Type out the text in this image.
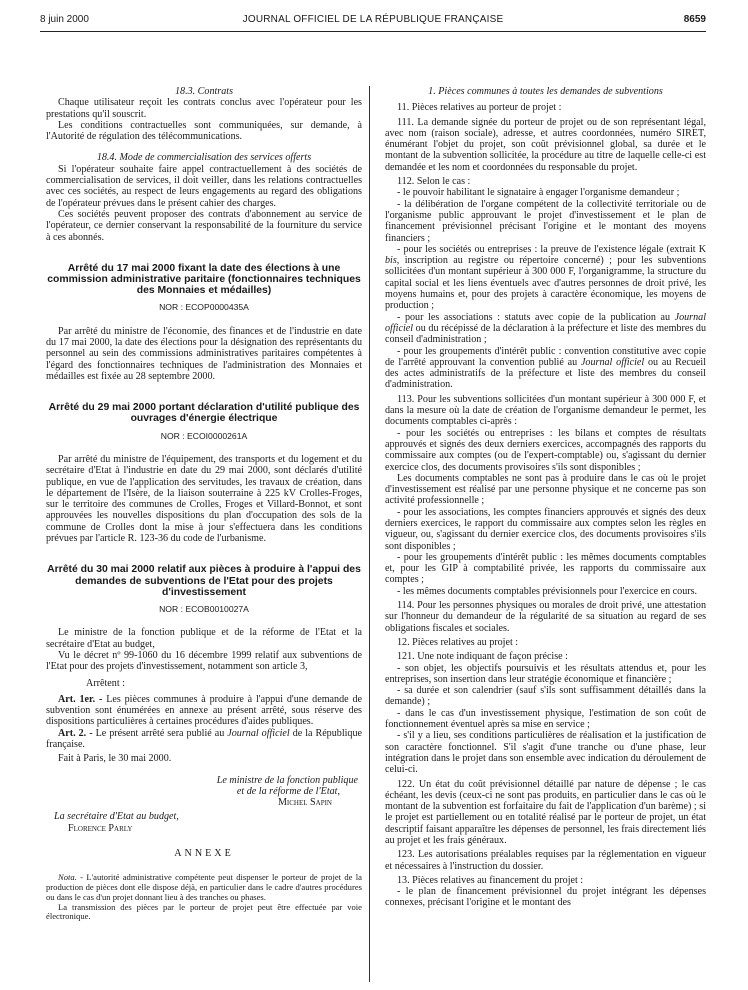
8 juin 2000	JOURNAL OFFICIEL DE LA RÉPUBLIQUE FRANÇAISE	8659

18.3. Contrats

Chaque utilisateur reçoit les contrats conclus avec l'opérateur pour les prestations qu'il souscrit.

Les conditions contractuelles sont communiquées, sur demande, à l'Autorité de régulation des télécommunications.

18.4. Mode de commercialisation des services offerts

Si l'opérateur souhaite faire appel contractuellement à des sociétés de commercialisation de services, il doit veiller, dans les relations contractuelles avec ces sociétés, au respect de leurs engagements au regard des obligations de l'opérateur prévues dans le présent cahier des charges.

Ces sociétés peuvent proposer des contrats d'abonnement au service de l'opérateur, ce dernier conservant la responsabilité de la fourniture du service à ces abonnés.

Arrêté du 17 mai 2000 fixant la date des élections à une commission administrative paritaire (fonctionnaires techniques des Monnaies et médailles)

NOR : ECOP0000435A

Par arrêté du ministre de l'économie, des finances et de l'industrie en date du 17 mai 2000, la date des élections pour la désignation des représentants du personnel au sein des commissions administratives paritaires compétentes à l'égard des fonctionnaires techniques de l'administration des Monnaies et médailles est fixée au 28 septembre 2000.

Arrêté du 29 mai 2000 portant déclaration d'utilité publique des ouvrages d'énergie électrique

NOR : ECOI0000261A

Par arrêté du ministre de l'équipement, des transports et du logement et du secrétaire d'Etat à l'industrie en date du 29 mai 2000, sont déclarés d'utilité publique, en vue de l'application des servitudes, les travaux de création, dans le département de l'Isère, de la liaison souterraine à 225 kV Crolles-Froges, sur le territoire des communes de Crolles, Froges et Villard-Bonnot, et sont approuvées les nouvelles dispositions du plan d'occupation des sols de la commune de Crolles dont la mise à jour s'effectuera dans les conditions prévues par l'article R. 123-36 du code de l'urbanisme.

Arrêté du 30 mai 2000 relatif aux pièces à produire à l'appui des demandes de subventions de l'Etat pour des projets d'investissement

NOR : ECOB0010027A

Le ministre de la fonction publique et de la réforme de l'Etat et la secrétaire d'Etat au budget,

Vu le décret nº 99-1060 du 16 décembre 1999 relatif aux subventions de l'Etat pour des projets d'investissement, notamment son article 3,

Arrêtent :

Art. 1er. - Les pièces communes à produire à l'appui d'une demande de subvention sont énumérées en annexe au présent arrêté, sous réserve des dispositions particulières à certaines procédures d'aides publiques.

Art. 2. - Le présent arrêté sera publié au Journal officiel de la République française.

Fait à Paris, le 30 mai 2000.

Le ministre de la fonction publique

et de la réforme de l'Etat,

Michel Sapin

La secrétaire d'Etat au budget,

Florence Parly

ANNEXE

Nota. - L'autorité administrative compétente peut dispenser le porteur de projet de la production de pièces dont elle dispose déjà, en particulier dans le cadre d'autres procédures ou dans le cas d'un projet donnant lieu à des tranches ou phases.

La transmission des pièces par le porteur de projet peut être effectuée par voie électronique.

1. Pièces communes à toutes les demandes de subventions

11. Pièces relatives au porteur de projet :

111. La demande signée du porteur de projet ou de son représentant légal, avec nom (raison sociale), adresse, et autres coordonnées, numéro SIRET, énumérant l'objet du projet, son coût prévisionnel global, sa durée et le montant de la subvention sollicitée, la procédure au titre de laquelle celle-ci est demandée et les nom et coordonnées du responsable du projet.

112. Selon le cas :

- le pouvoir habilitant le signataire à engager l'organisme demandeur ;

- la délibération de l'organe compétent de la collectivité territoriale ou de l'organisme public approuvant le projet d'investissement et le plan de financement prévisionnel précisant l'origine et le montant des moyens financiers ;

- pour les sociétés ou entreprises : la preuve de l'existence légale (extrait K bis, inscription au registre ou répertoire concerné) ; pour les subventions sollicitées d'un montant supérieur à 300 000 F, l'organigramme, la structure du capital social et les liens éventuels avec d'autres personnes de droit privé, les moyens humains et, pour des projets à caractère économique, les moyens de production ;

- pour les associations : statuts avec copie de la publication au Journal officiel ou du récépissé de la déclaration à la préfecture et liste des membres du conseil d'administration ;

- pour les groupements d'intérêt public : convention constitutive avec copie de l'arrêté approuvant la convention publié au Journal officiel ou au Recueil des actes administratifs de la préfecture et liste des membres du conseil d'administration.

113. Pour les subventions sollicitées d'un montant supérieur à 300 000 F, et dans la mesure où la date de création de l'organisme demandeur le permet, les documents comptables ci-après :

- pour les sociétés ou entreprises : les bilans et comptes de résultats approuvés et signés des deux derniers exercices, accompagnés des rapports du commissaire aux comptes (ou de l'expert-comptable) ou, s'agissant du dernier exercice clos, des documents provisoires s'ils sont disponibles ;

Les documents comptables ne sont pas à produire dans le cas où le projet d'investissement est réalisé par une personne physique et ne concerne pas son activité professionnelle ;

- pour les associations, les comptes financiers approuvés et signés des deux derniers exercices, le rapport du commissaire aux comptes selon les règles en vigueur, ou, s'agissant du dernier exercice clos, des documents provisoires s'ils sont disponibles ;

- pour les groupements d'intérêt public : les mêmes documents comptables et, pour les GIP à comptabilité privée, les rapports du commissaire aux comptes ;

- les mêmes documents comptables prévisionnels pour l'exercice en cours.

114. Pour les personnes physiques ou morales de droit privé, une attestation sur l'honneur du demandeur de la régularité de sa situation au regard de ses obligations fiscales et sociales.

12. Pièces relatives au projet :

121. Une note indiquant de façon précise :

- son objet, les objectifs poursuivis et les résultats attendus et, pour les entreprises, son insertion dans leur stratégie économique et financière ;

- sa durée et son calendrier (sauf s'ils sont suffisamment détaillés dans la demande) ;

- dans le cas d'un investissement physique, l'estimation de son coût de fonctionnement éventuel après sa mise en service ;

- s'il y a lieu, ses conditions particulières de réalisation et la justification de son caractère fonctionnel. S'il s'agit d'une tranche ou d'une phase, leur intégration dans le projet dans son ensemble avec indication du déroulement de celui-ci.

122. Un état du coût prévisionnel détaillé par nature de dépense ; le cas échéant, les devis (ceux-ci ne sont pas produits, en particulier dans le cas où le montant de la subvention est forfaitaire du fait de l'application d'un barème) ; si le projet est partiellement ou en totalité réalisé par le porteur de projet, un état descriptif faisant apparaître les dépenses de personnel, les frais directement liés au projet et les frais généraux.

123. Les autorisations préalables requises par la réglementation en vigueur et nécessaires à l'instruction du dossier.

13. Pièces relatives au financement du projet :

- le plan de financement prévisionnel du projet intégrant les dépenses connexes, précisant l'origine et le montant des
